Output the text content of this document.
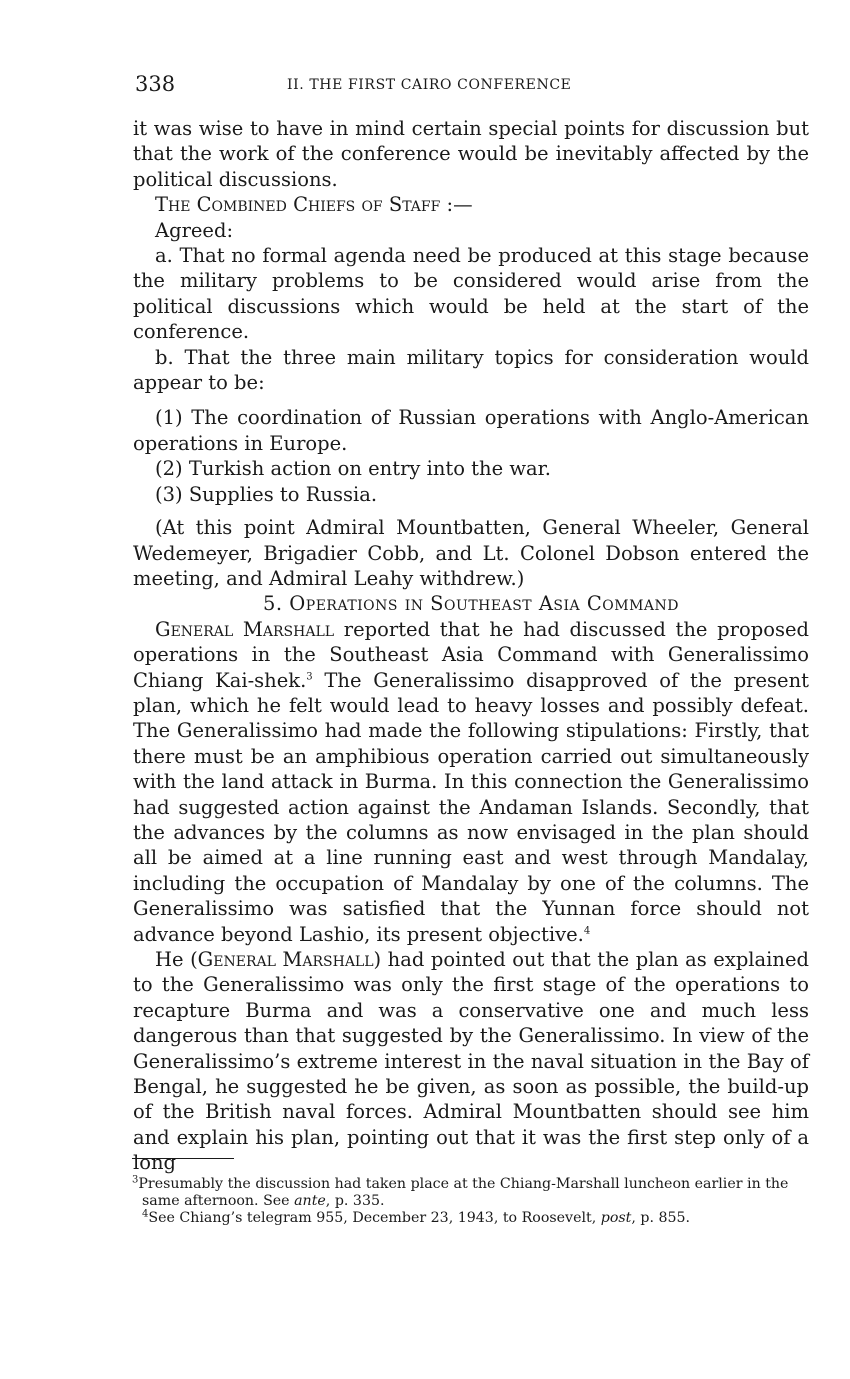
338	II. THE FIRST CAIRO CONFERENCE

it was wise to have in mind certain special points for discussion but that the work of the conference would be inevitably affected by the political discussions.

The Combined Chiefs of Staff :—

Agreed:

a. That no formal agenda need be produced at this stage because the military problems to be considered would arise from the political discussions which would be held at the start of the conference.

b. That the three main military topics for consideration would appear to be:

(1) The coordination of Russian operations with Anglo-American operations in Europe.

(2) Turkish action on entry into the war.

(3) Supplies to Russia.

(At this point Admiral Mountbatten, General Wheeler, General Wedemeyer, Brigadier Cobb, and Lt. Colonel Dobson entered the meeting, and Admiral Leahy withdrew.)

5. Operations in Southeast Asia Command

General Marshall reported that he had discussed the proposed operations in the Southeast Asia Command with Generalissimo Chiang Kai-shek.$^3$ The Generalissimo disapproved of the present plan, which he felt would lead to heavy losses and possibly defeat. The Generalissimo had made the following stipulations: Firstly, that there must be an amphibious operation carried out simultaneously with the land attack in Burma. In this connection the Generalissimo had suggested action against the Andaman Islands. Secondly, that the advances by the columns as now envisaged in the plan should all be aimed at a line running east and west through Mandalay, including the occupation of Mandalay by one of the columns. The Generalissimo was satisfied that the Yunnan force should not advance beyond Lashio, its present objective.$^4$

He (General Marshall) had pointed out that the plan as explained to the Generalissimo was only the first stage of the operations to recapture Burma and was a conservative one and much less dangerous than that suggested by the Generalissimo. In view of the Generalissimo’s extreme interest in the naval situation in the Bay of Bengal, he suggested he be given, as soon as possible, the build-up of the British naval forces. Admiral Mountbatten should see him and explain his plan, pointing out that it was the first step only of a long

$^3$Presumably the discussion had taken place at the Chiang-Marshall luncheon earlier in the same afternoon. See ante, p. 335.

$^4$See Chiang’s telegram 955, December 23, 1943, to Roosevelt, post, p. 855.
